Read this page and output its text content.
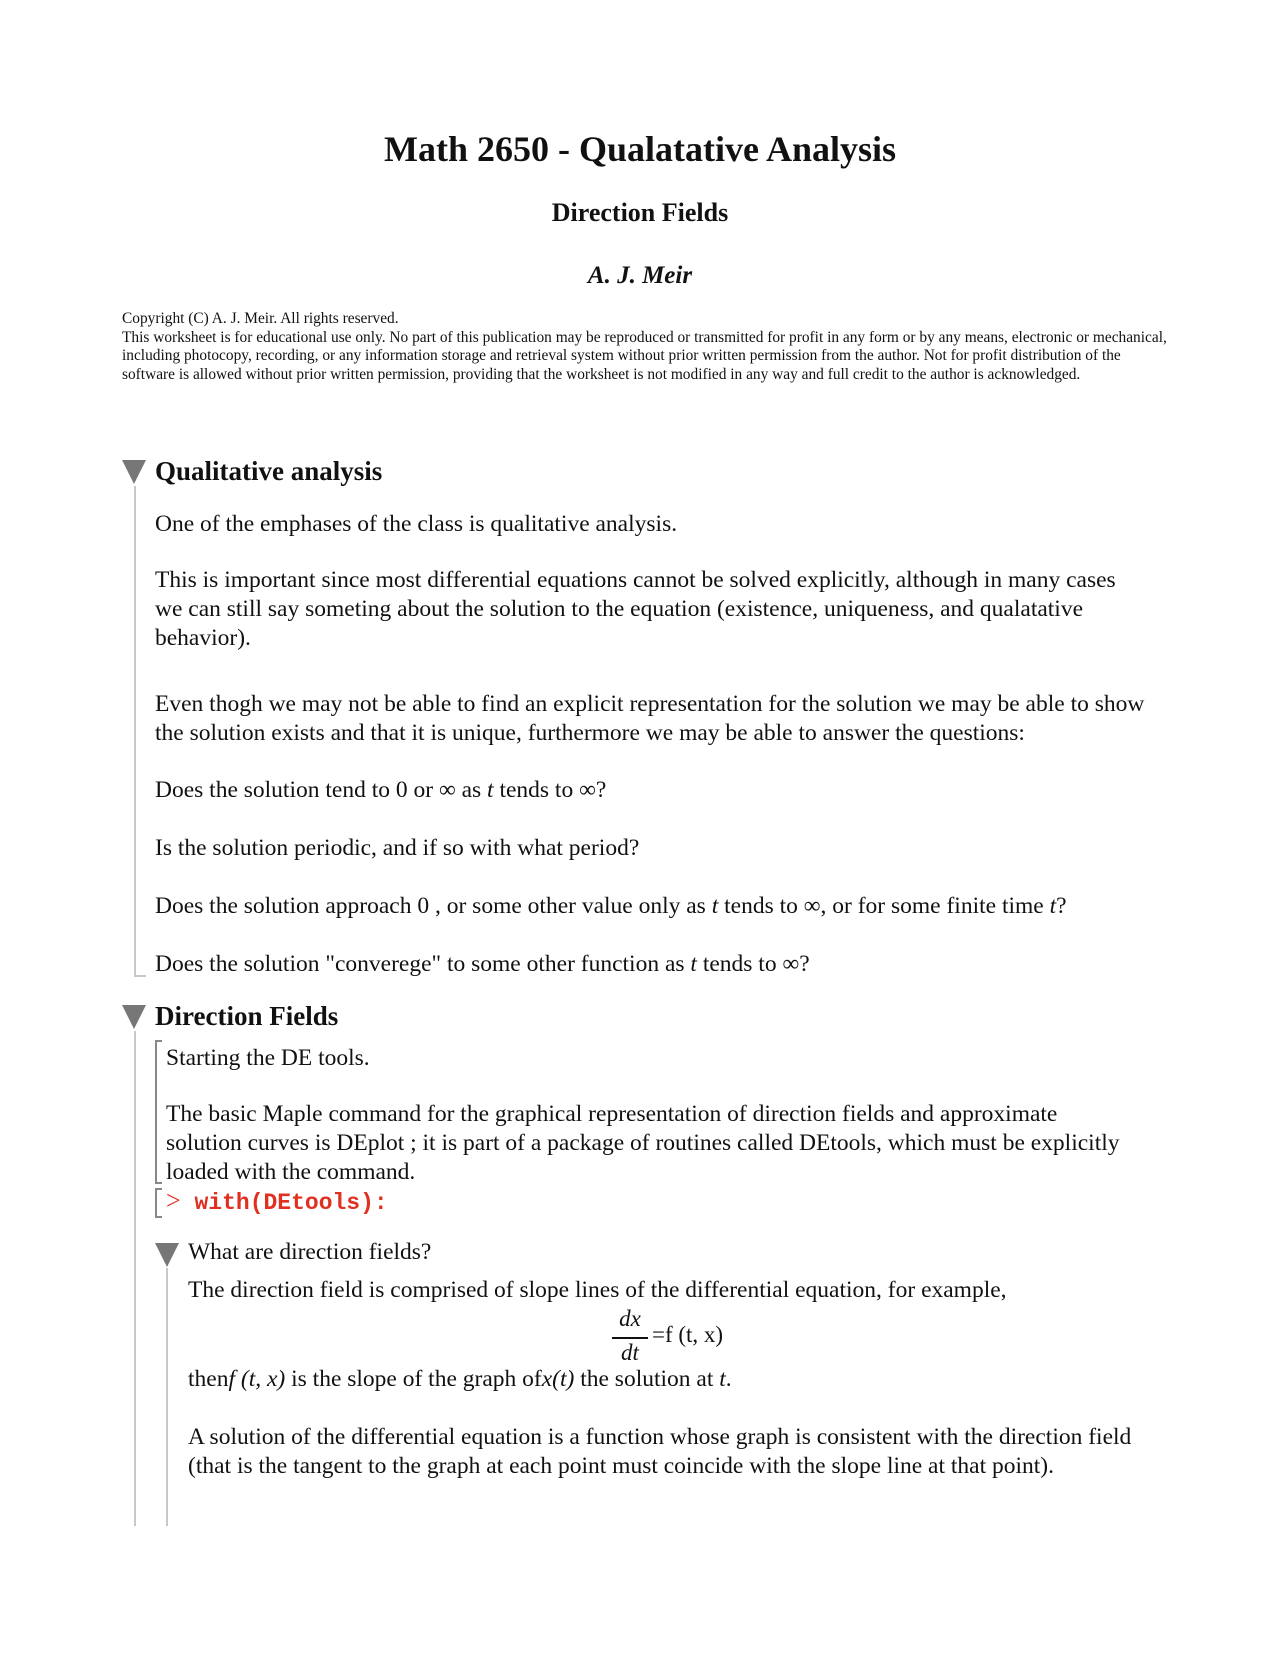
Math 2650 - Qualatative Analysis
Direction Fields
A. J. Meir

Copyright (C) A. J. Meir. All rights reserved.

This worksheet is for educational use only. No part of this publication may be reproduced or transmitted for profit in any form or by any means, electronic or mechanical, including photocopy, recording, or any information storage and retrieval system without prior written permission from the author. Not for profit distribution of the software is allowed without prior written permission, providing that the worksheet is not modified in any way and full credit to the author is acknowledged.

Qualitative analysis

One of the emphases of the class is qualitative analysis.

This is important since most differential equations cannot be solved explicitly, although in many cases we can still say someting about the solution to the equation (existence, uniqueness, and qualatative behavior).

Even thogh we may not be able to find an explicit representation for the solution we may be able to show the solution exists and that it is unique, furthermore we may be able to answer the questions:

Does the solution tend to 0 or ∞ as t tends to ∞?
Is the solution periodic, and if so with what period?
Does the solution approach 0 , or some other value only as t tends to ∞, or for some finite time t?
Does the solution "converege" to some other function as t tends to ∞?
Direction Fields

Starting the DE tools.

The basic Maple command for the graphical representation of direction fields and approximate solution curves is DEplot ; it is part of a package of routines called DEtools, which must be explicitly loaded with the command.

> with(DEtools):
What are direction fields?

The direction field is comprised of slope lines of the differential equation, for example,

dx
dt
=f (t, x)
thenf (t, x) is the slope of the graph ofx(t) the solution at t.

A solution of the differential equation is a function whose graph is consistent with the direction field (that is the tangent to the graph at each point must coincide with the slope line at that point).
